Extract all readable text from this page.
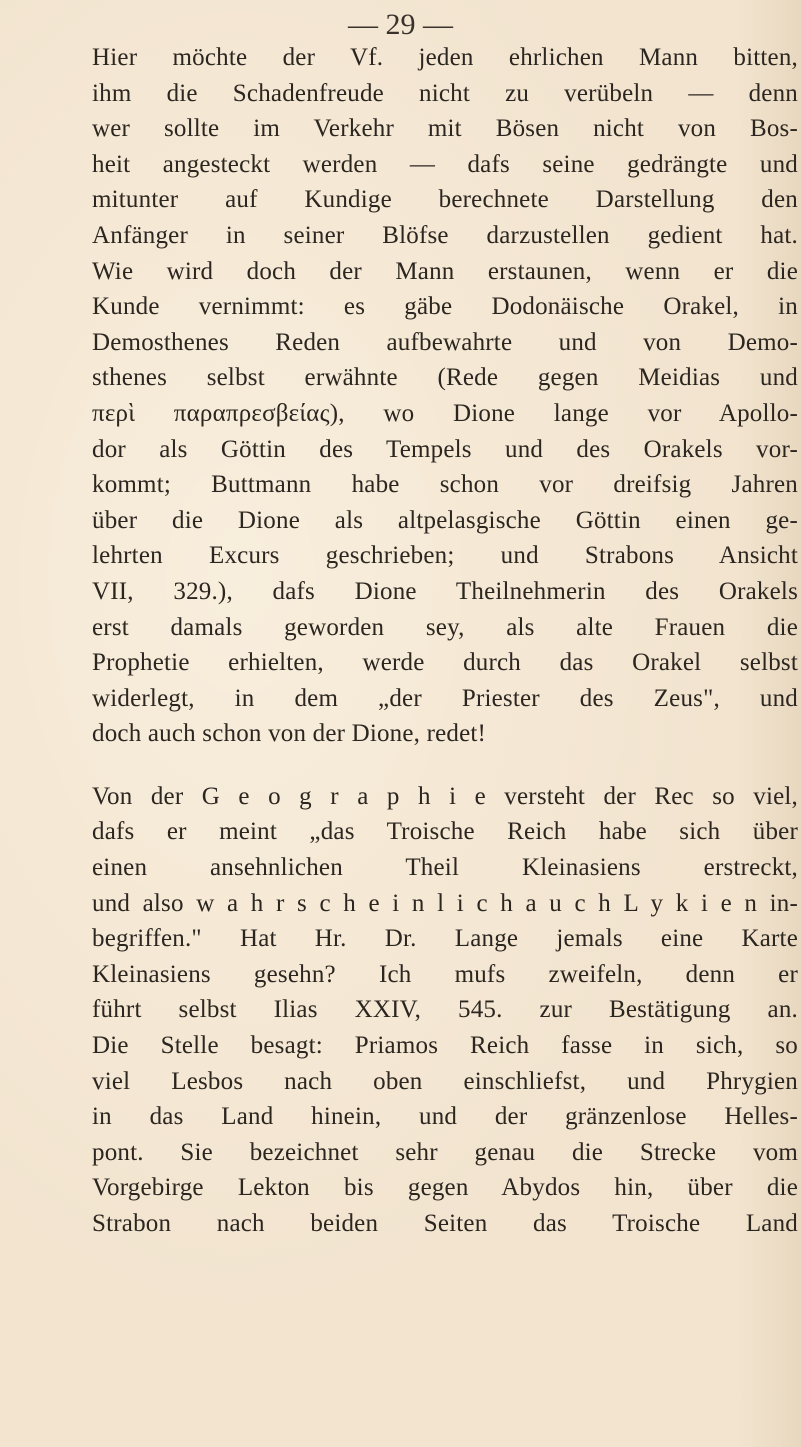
— 29 —
Hier möchte der Vf. jeden ehrlichen Mann bitten,
ihm die Schadenfreude nicht zu verübeln — denn
wer sollte im Verkehr mit Bösen nicht von Bos-
heit angesteckt werden — dafs seine gedrängte und
mitunter auf Kundige berechnete Darstellung den
Anfänger in seiner Blöfse darzustellen gedient hat.
Wie wird doch der Mann erstaunen, wenn er die
Kunde vernimmt: es gäbe Dodonäische Orakel, in
Demosthenes Reden aufbewahrte und von Demo-
sthenes selbst erwähnte (Rede gegen Meidias und
περὶ παραπρεσβείας), wo Dione lange vor Apollo-
dor als Göttin des Tempels und des Orakels vor-
kommt; Buttmann habe schon vor dreifsig Jahren
über die Dione als altpelasgische Göttin einen ge-
lehrten Excurs geschrieben; und Strabons Ansicht
VII, 329.), dafs Dione Theilnehmerin des Orakels
erst damals geworden sey, als alte Frauen die
Prophetie erhielten, werde durch das Orakel selbst
widerlegt, in dem „der Priester des Zeus", und
doch auch schon von der Dione, redet!
Von der G e o g r a p h i e versteht der Rec so viel,
dafs er meint „das Troische Reich habe sich über
einen ansehnlichen Theil Kleinasiens erstreckt,
und also w a h r s c h e i n l i c h a u c h L y k i e n in-
begriffen." Hat Hr. Dr. Lange jemals eine Karte
Kleinasiens gesehn? Ich mufs zweifeln, denn er
führt selbst Ilias XXIV, 545. zur Bestätigung an.
Die Stelle besagt: Priamos Reich fasse in sich, so
viel Lesbos nach oben einschliefst, und Phrygien
in das Land hinein, und der gränzenlose Helles-
pont. Sie bezeichnet sehr genau die Strecke vom
Vorgebirge Lekton bis gegen Abydos hin, über die
Strabon nach beiden Seiten das Troische Land
